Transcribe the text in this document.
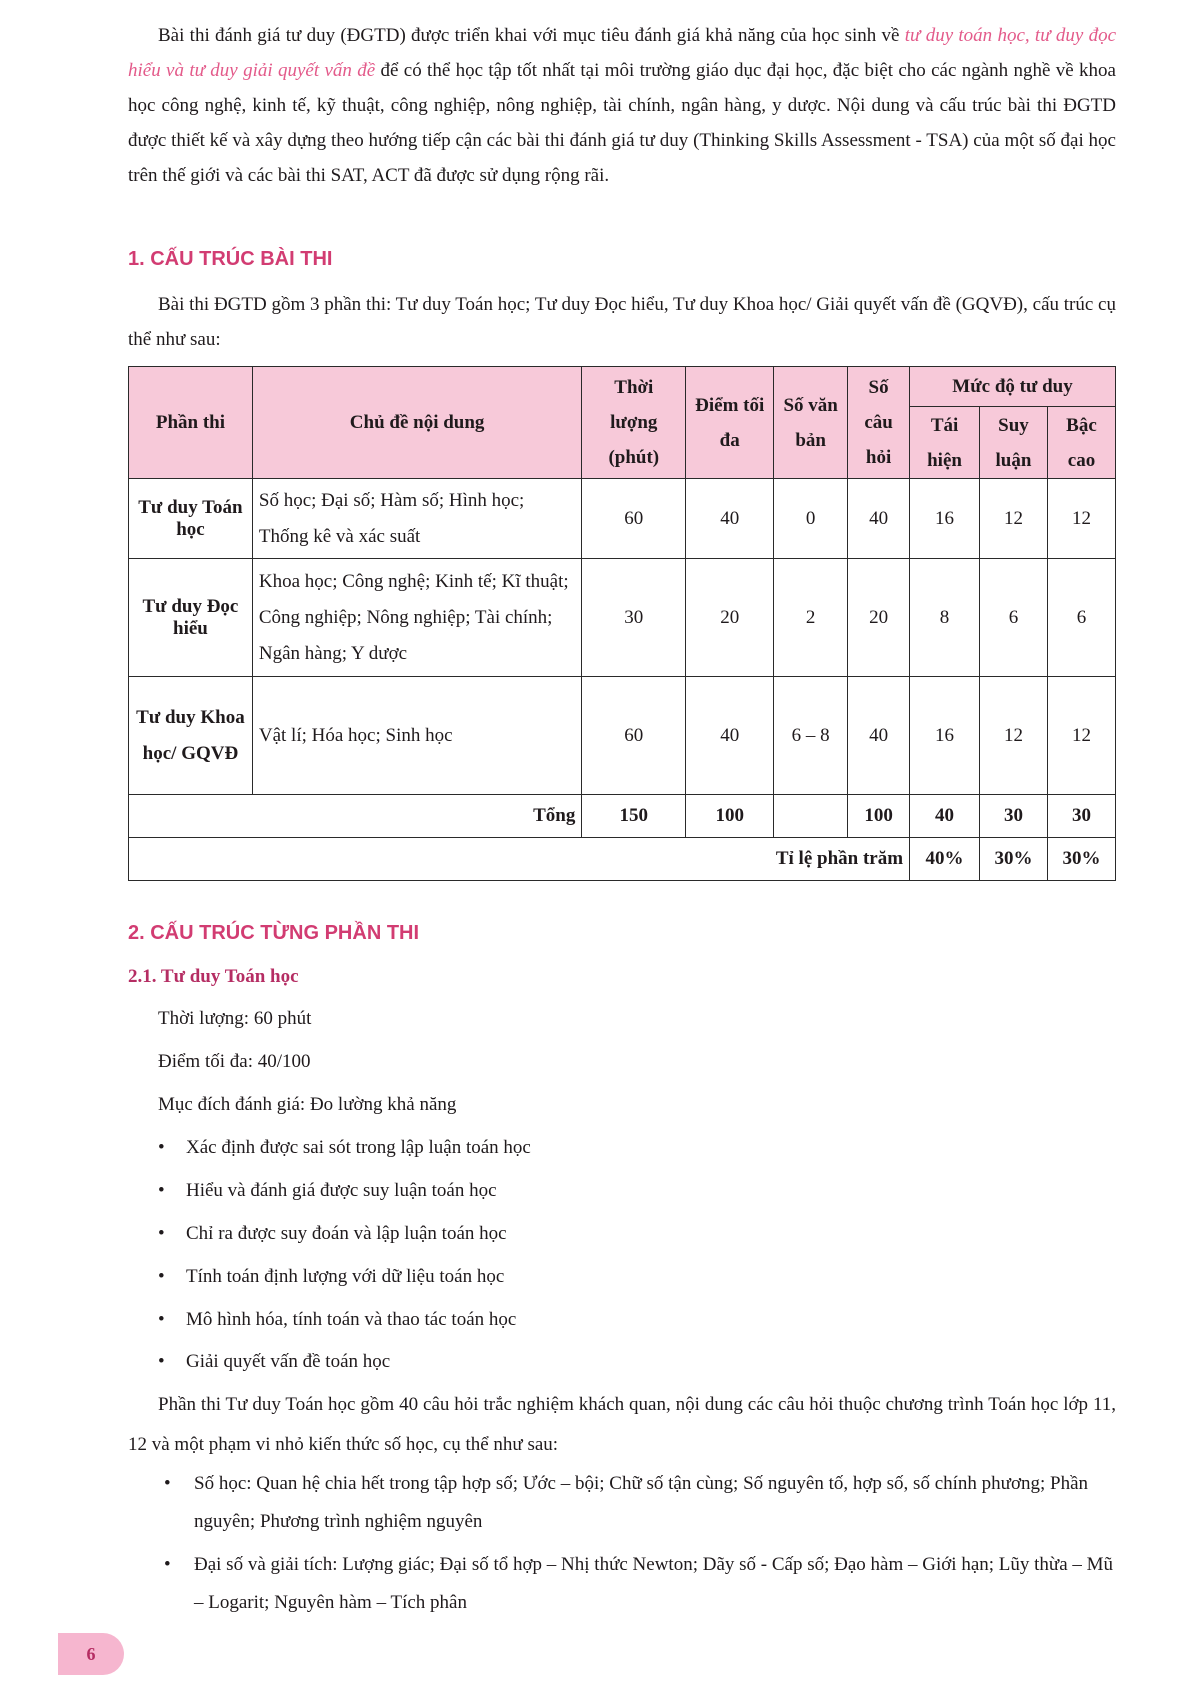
Bài thi đánh giá tư duy (ĐGTD) được triển khai với mục tiêu đánh giá khả năng của học sinh về tư duy toán học, tư duy đọc hiểu và tư duy giải quyết vấn đề để có thể học tập tốt nhất tại môi trường giáo dục đại học, đặc biệt cho các ngành nghề về khoa học công nghệ, kinh tế, kỹ thuật, công nghiệp, nông nghiệp, tài chính, ngân hàng, y dược. Nội dung và cấu trúc bài thi ĐGTD được thiết kế và xây dựng theo hướng tiếp cận các bài thi đánh giá tư duy (Thinking Skills Assessment - TSA) của một số đại học trên thế giới và các bài thi SAT, ACT đã được sử dụng rộng rãi.

1. CẤU TRÚC BÀI THI

Bài thi ĐGTD gồm 3 phần thi: Tư duy Toán học; Tư duy Đọc hiểu, Tư duy Khoa học/ Giải quyết vấn đề (GQVĐ), cấu trúc cụ thể như sau:

Phần thi	Chủ đề nội dung	Thời lượng (phút)	Điểm tối đa	Số văn bản	Số câu hỏi	Mức độ tư duy		
						Tái hiện	Suy luận	Bậc cao
Tư duy Toán học	Số học; Đại số; Hàm số; Hình học; Thống kê và xác suất	60	40	0	40	16	12	12
Tư duy Đọc hiểu	Khoa học; Công nghệ; Kinh tế; Kĩ thuật; Công nghiệp; Nông nghiệp; Tài chính; Ngân hàng; Y dược	30	20	2	20	8	6	6
Tư duy Khoa học/ GQVĐ	Vật lí; Hóa học; Sinh học	60	40	6 – 8	40	16	12	12
Tổng		150	100		100	40	30	30
Tỉ lệ phần trăm						40%	30%	30%
2. CẤU TRÚC TỪNG PHẦN THI
2.1. Tư duy Toán học
Thời lượng: 60 phút
Điểm tối đa: 40/100
Mục đích đánh giá: Đo lường khả năng
• Xác định được sai sót trong lập luận toán học
• Hiểu và đánh giá được suy luận toán học
• Chỉ ra được suy đoán và lập luận toán học
• Tính toán định lượng với dữ liệu toán học
• Mô hình hóa, tính toán và thao tác toán học
• Giải quyết vấn đề toán học

Phần thi Tư duy Toán học gồm 40 câu hỏi trắc nghiệm khách quan, nội dung các câu hỏi thuộc chương trình Toán học lớp 11, 12 và một phạm vi nhỏ kiến thức số học, cụ thể như sau:

• Số học: Quan hệ chia hết trong tập hợp số; Ước – bội; Chữ số tận cùng; Số nguyên tố, hợp số, số chính phương; Phần nguyên; Phương trình nghiệm nguyên
• Đại số và giải tích: Lượng giác; Đại số tổ hợp – Nhị thức Newton; Dãy số - Cấp số; Đạo hàm – Giới hạn; Lũy thừa – Mũ – Logarit; Nguyên hàm – Tích phân
6
